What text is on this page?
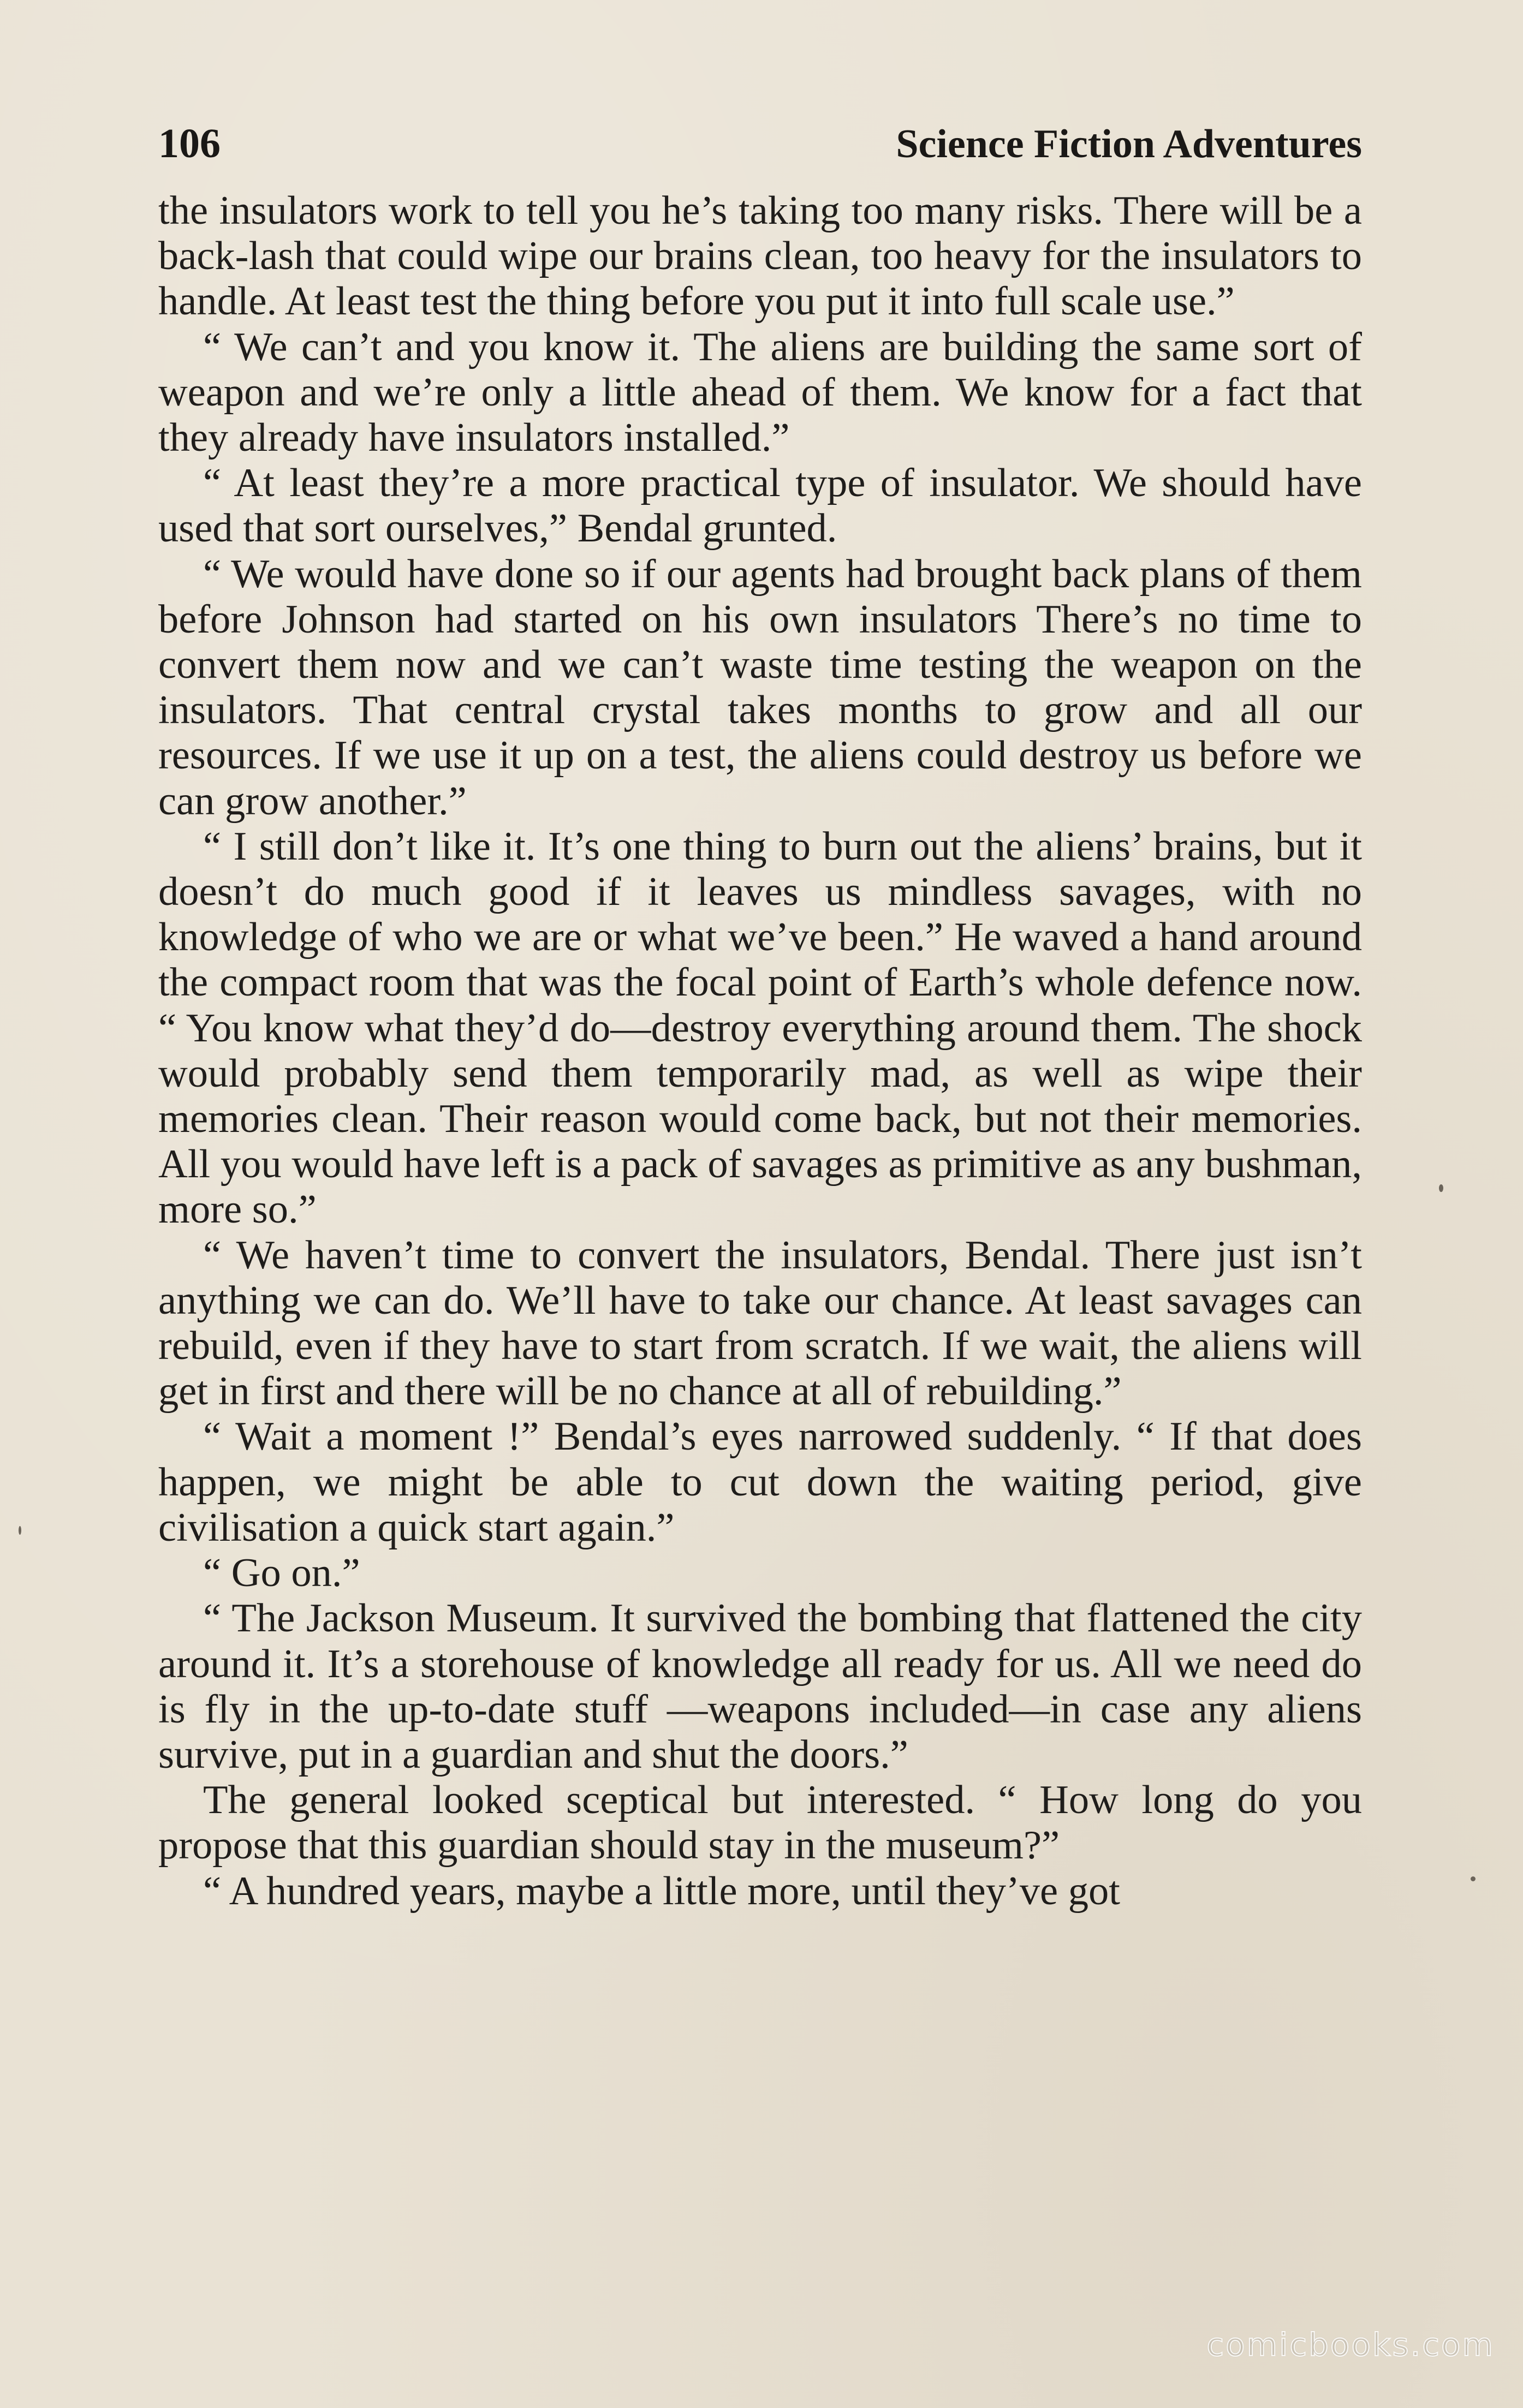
106	Science Fiction Adventures

the insulators work to tell you he’s taking too many risks. There will be a back-lash that could wipe our brains clean, too heavy for the insulators to handle. At least test the thing before you put it into full scale use.”

“ We can’t and you know it. The aliens are building the same sort of weapon and we’re only a little ahead of them. We know for a fact that they already have insulators installed.”

“ At least they’re a more practical type of insulator. We should have used that sort ourselves,” Bendal grunted.

“ We would have done so if our agents had brought back plans of them before Johnson had started on his own insulators There’s no time to convert them now and we can’t waste time testing the weapon on the insulators. That central crystal takes months to grow and all our resources. If we use it up on a test, the aliens could destroy us before we can grow another.”

“ I still don’t like it. It’s one thing to burn out the aliens’ brains, but it doesn’t do much good if it leaves us mindless savages, with no knowledge of who we are or what we’ve been.” He waved a hand around the compact room that was the focal point of Earth’s whole defence now. “ You know what they’d do—destroy everything around them. The shock would probably send them temporarily mad, as well as wipe their memories clean. Their reason would come back, but not their memories. All you would have left is a pack of savages as primitive as any bushman, more so.”

“ We haven’t time to convert the insulators, Bendal. There just isn’t anything we can do. We’ll have to take our chance. At least savages can rebuild, even if they have to start from scratch. If we wait, the aliens will get in first and there will be no chance at all of rebuilding.”

“ Wait a moment !” Bendal’s eyes narrowed suddenly. “ If that does happen, we might be able to cut down the waiting period, give civilisation a quick start again.”

“ Go on.”

“ The Jackson Museum. It survived the bombing that flattened the city around it. It’s a storehouse of knowledge all ready for us. All we need do is fly in the up-to-date stuff —weapons included—in case any aliens survive, put in a guardian and shut the doors.”

The general looked sceptical but interested. “ How long do you propose that this guardian should stay in the museum?”

“ A hundred years, maybe a little more, until they’ve got

comicbooks.com
